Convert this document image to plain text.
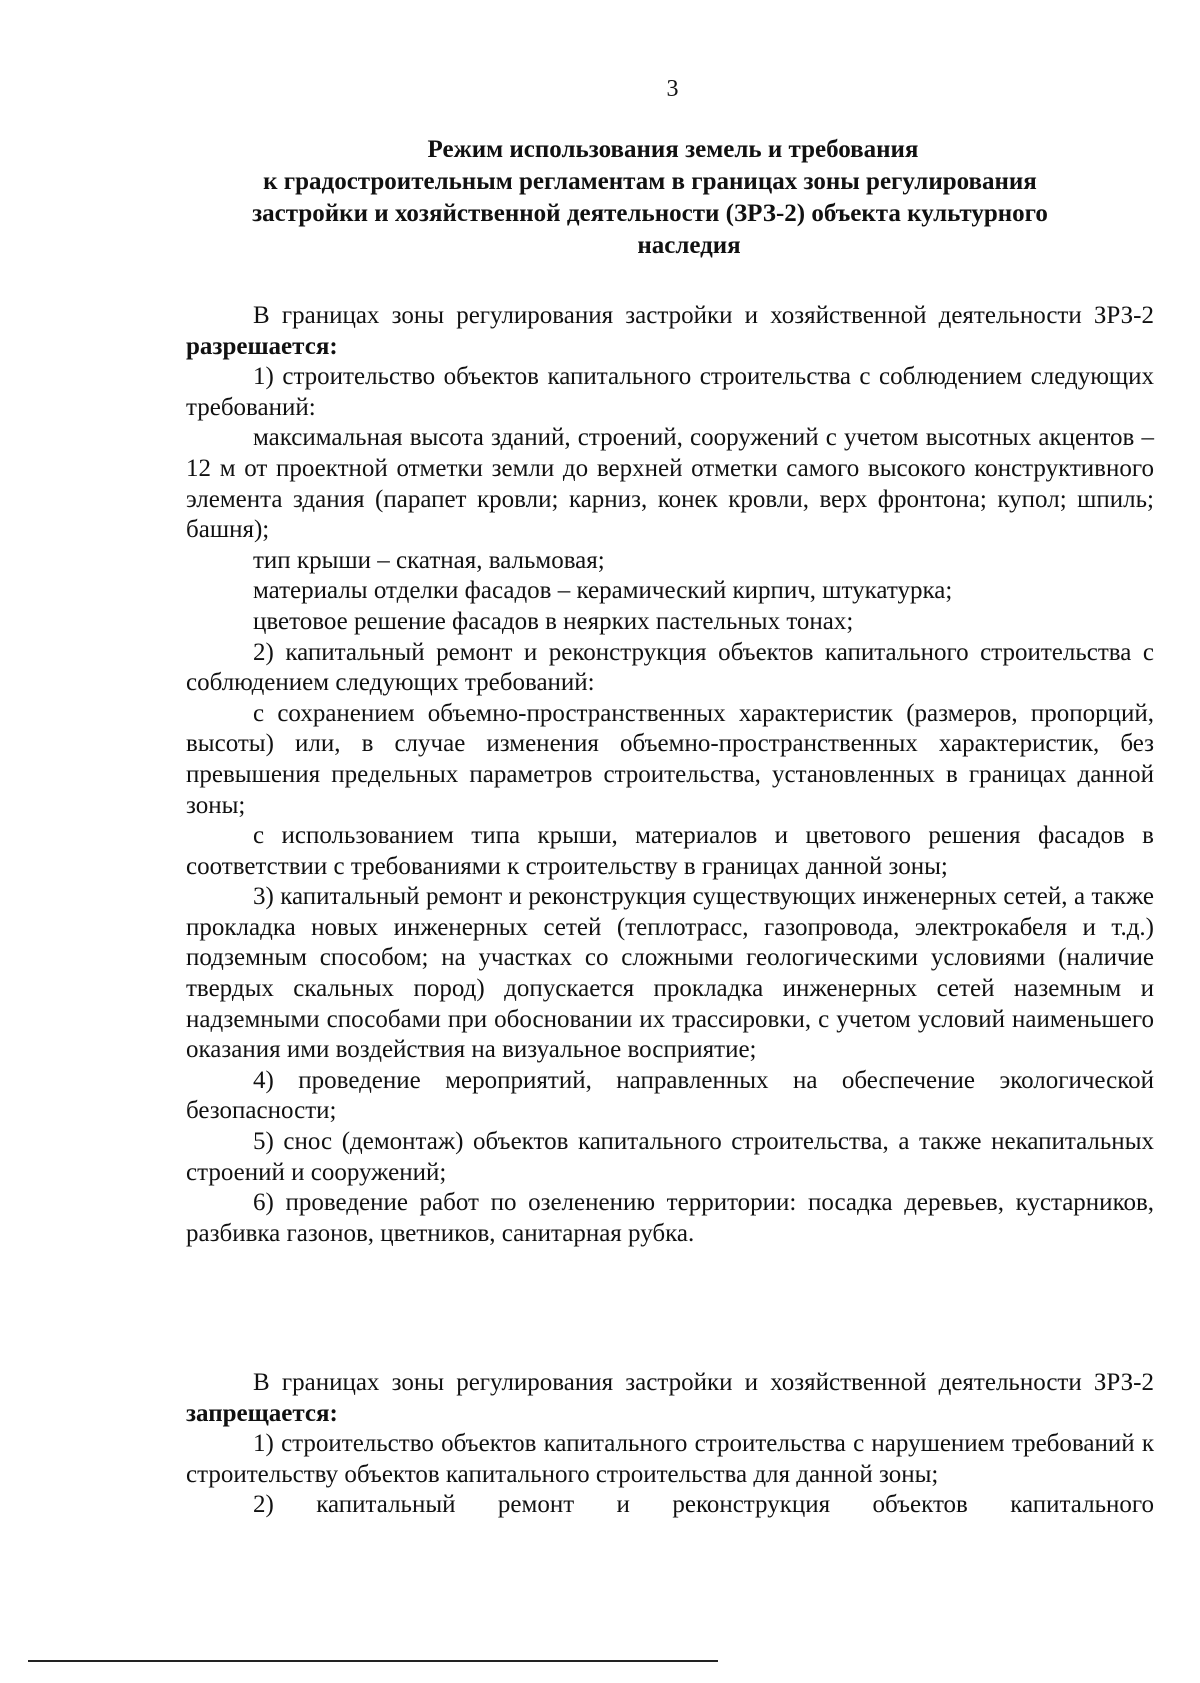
3
Режим использования земель и требования
к градостроительным регламентам в границах зоны регулирования
застройки и хозяйственной деятельности (ЗРЗ-2) объекта культурного
наследия

В границах зоны регулирования застройки и хозяйственной деятельности ЗРЗ-2 разрешается:

1) строительство объектов капитального строительства с соблюдением следующих требований:

максимальная высота зданий, строений, сооружений с учетом высотных акцентов – 12 м от проектной отметки земли до верхней отметки самого высокого конструктивного элемента здания (парапет кровли; карниз, конек кровли, верх фронтона; купол; шпиль; башня);

тип крыши – скатная, вальмовая;

материалы отделки фасадов – керамический кирпич, штукатурка;

цветовое решение фасадов в неярких пастельных тонах;

2) капитальный ремонт и реконструкция объектов капитального строительства с соблюдением следующих требований:

с сохранением объемно-пространственных характеристик (размеров, пропорций, высоты) или, в случае изменения объемно-пространственных характеристик, без превышения предельных параметров строительства, установленных в границах данной зоны;

с использованием типа крыши, материалов и цветового решения фасадов в соответствии с требованиями к строительству в границах данной зоны;

3) капитальный ремонт и реконструкция существующих инженерных сетей, а также прокладка новых инженерных сетей (теплотрасс, газопровода, электрокабеля и т.д.) подземным способом; на участках со сложными геологическими условиями (наличие твердых скальных пород) допускается прокладка инженерных сетей наземным и надземными способами при обосновании их трассировки, с учетом условий наименьшего оказания ими воздействия на визуальное восприятие;

4) проведение мероприятий, направленных на обеспечение экологической безопасности;

5) снос (демонтаж) объектов капитального строительства, а также некапитальных строений и сооружений;

6) проведение работ по озеленению территории: посадка деревьев, кустарников, разбивка газонов, цветников, санитарная рубка.

В границах зоны регулирования застройки и хозяйственной деятельности ЗРЗ-2 запрещается:

1) строительство объектов капитального строительства с нарушением требований к строительству объектов капитального строительства для данной зоны;

2) капитальный ремонт и реконструкция объектов капитального
